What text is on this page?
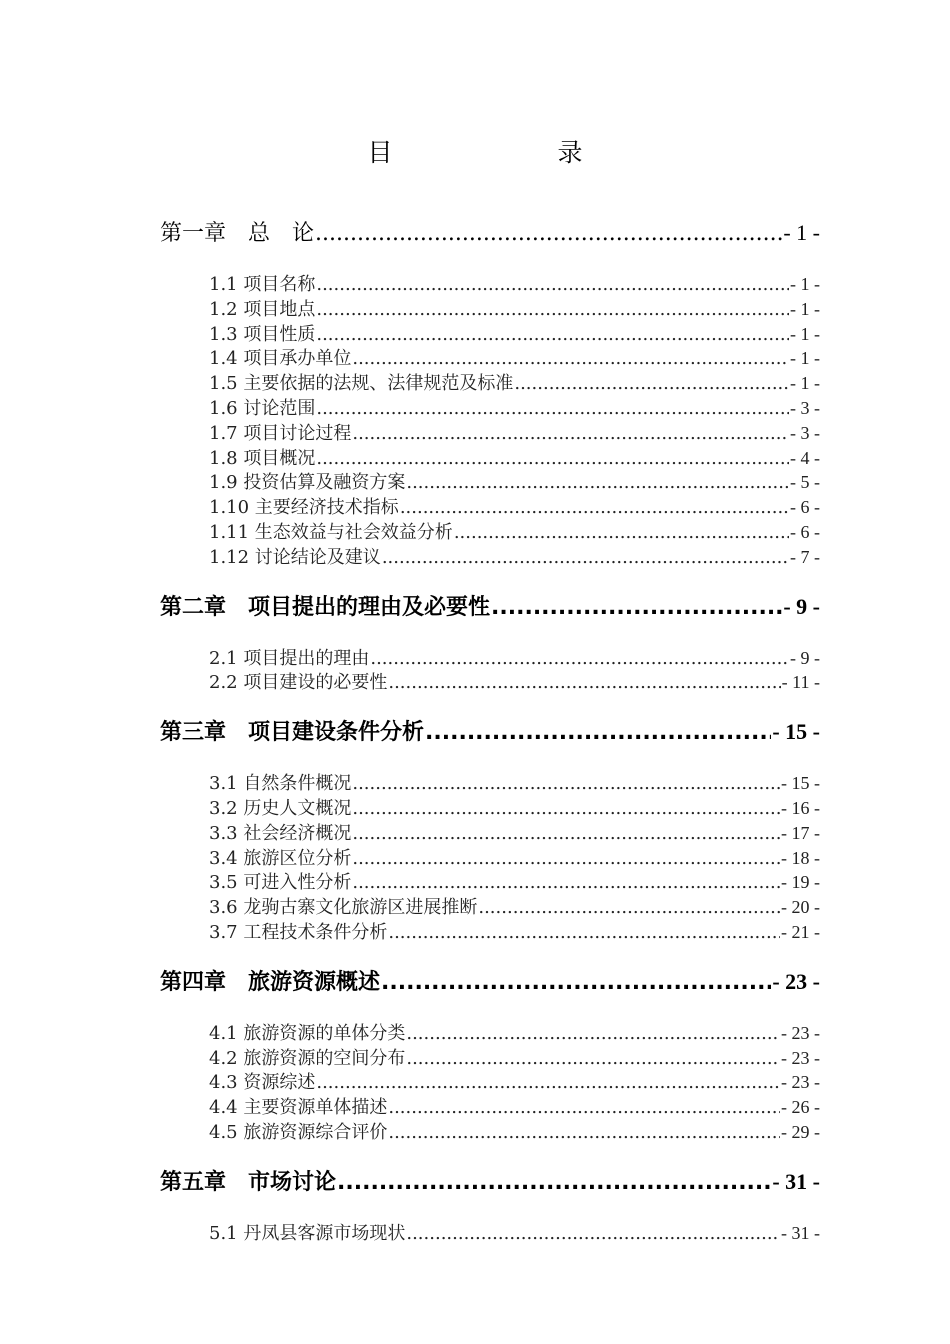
目　录
第一章 总　论 .....	- 1 -
1.1 项目名称 .....	- 1 -
1.2 项目地点 .....	- 1 -
1.3 项目性质 .....	- 1 -
1.4 项目承办单位 .....	- 1 -
1.5 主要依据的法规、法律规范及标准 .....	- 1 -
1.6 讨论范围 .....	- 3 -
1.7 项目讨论过程 .....	- 3 -
1.8 项目概况 .....	- 4 -
1.9 投资估算及融资方案 .....	- 5 -
1.10 主要经济技术指标 .....	- 6 -
1.11 生态效益与社会效益分析 .....	- 6 -
1.12 讨论结论及建议 .....	- 7 -
第二章 项目提出的理由及必要性 .....	- 9 -
2.1 项目提出的理由 .....	- 9 -
2.2 项目建设的必要性 .....	- 11 -
第三章 项目建设条件分析 .....	- 15 -
3.1 自然条件概况 .....	- 15 -
3.2 历史人文概况 .....	- 16 -
3.3 社会经济概况 .....	- 17 -
3.4 旅游区位分析 .....	- 18 -
3.5 可进入性分析 .....	- 19 -
3.6 龙驹古寨文化旅游区进展推断 .....	- 20 -
3.7 工程技术条件分析 .....	- 21 -
第四章 旅游资源概述 .....	- 23 -
4.1 旅游资源的单体分类 .....	- 23 -
4.2 旅游资源的空间分布 .....	- 23 -
4.3 资源综述 .....	- 23 -
4.4 主要资源单体描述 .....	- 26 -
4.5 旅游资源综合评价 .....	- 29 -
第五章 市场讨论 .....	- 31 -
5.1 丹凤县客源市场现状 .....	- 31 -
